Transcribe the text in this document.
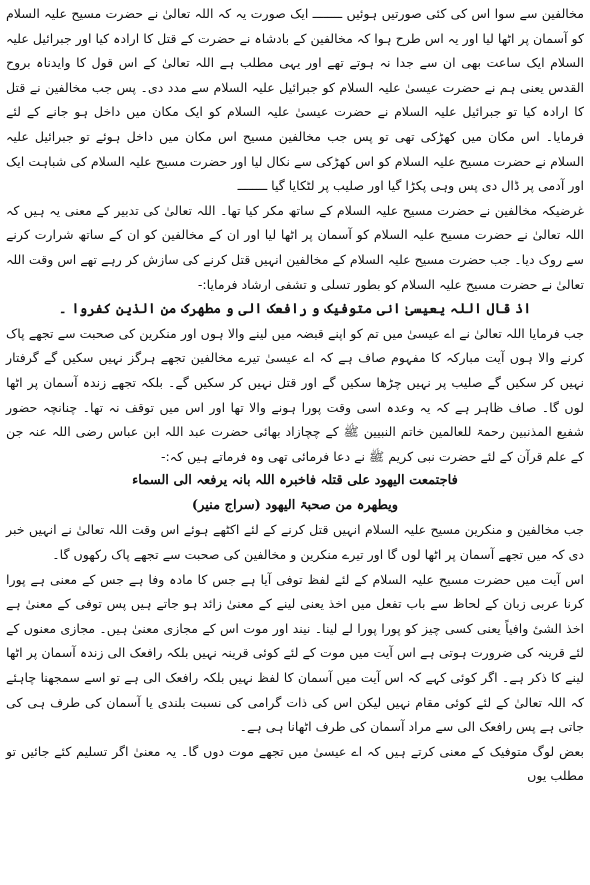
مخالفین سے سوا اس کی کئی صورتیں ہوئیں ــــــــ ایک صورت یہ کہ اللہ تعالیٰ نے حضرت مسیح علیہ السلام کو آسمان پر اٹھا لیا اور یہ اس طرح ہوا کہ مخالفین کے بادشاہ نے حضرت کے قتل کا ارادہ کیا اور جبرائیل علیہ السلام ایک ساعت بھی ان سے جدا نہ ہوتے تھے اور یہی مطلب ہے اللہ تعالیٰ کے اس قول کا وایدناہ بروح القدس یعنی ہم نے حضرت عیسیٰ علیہ السلام کو جبرائیل علیہ السلام سے مدد دی۔ پس جب مخالفین نے قتل کا ارادہ کیا تو جبرائیل علیہ السلام نے حضرت عیسیٰ علیہ السلام کو ایک مکان میں داخل ہو جانے کے لئے فرمایا۔ اس مکان میں کھڑکی تھی تو پس جب مخالفین مسیح اس مکان میں داخل ہوئے تو جبرائیل علیہ السلام نے حضرت مسیح علیہ السلام کو اس کھڑکی سے نکال لیا اور حضرت مسیح علیہ السلام کی شباہت ایک اور آدمی پر ڈال دی پس وہی پکڑا گیا اور صلیب پر لٹکایا گیا ــــــــ

غرضیکہ مخالفین نے حضرت مسیح علیہ السلام کے ساتھ مکر کیا تھا۔ اللہ تعالیٰ کی تدبیر کے معنی یہ ہیں کہ اللہ تعالیٰ نے حضرت مسیح علیہ السلام کو آسمان پر اٹھا لیا اور ان کے مخالفین کو ان کے ساتھ شرارت کرنے سے روک دیا۔ جب حضرت مسیح علیہ السلام کے مخالفین انہیں قتل کرنے کی سازش کر رہے تھے اس وقت اللہ تعالیٰ نے حضرت مسیح علیہ السلام کو بطور تسلی و تشفی ارشاد فرمایا:-

اذ قال اللہ یعیسیٰ انی متوفیک و رافعک الی و مطھرک من الذین کفروا ۔

جب فرمایا اللہ تعالیٰ نے اے عیسیٰ میں تم کو اپنے قبضہ میں لینے والا ہوں اور منکرین کی صحبت سے تجھے پاک کرنے والا ہوں آیت مبارکہ کا مفہوم صاف ہے کہ اے عیسیٰ تیرے مخالفین تجھے ہرگز نہیں سکیں گے گرفتار نہیں کر سکیں گے صلیب پر نہیں چڑھا سکیں گے اور قتل نہیں کر سکیں گے۔ بلکہ تجھے زندہ آسمان پر اٹھا لوں گا۔ صاف ظاہر ہے کہ یہ وعدہ اسی وقت پورا ہونے والا تھا اور اس میں توقف نہ تھا۔ چنانچہ حضور شفیع المذنبین رحمۃ للعالمین خاتم النبیین ﷺ کے چچازاد بھائی حضرت عبد اللہ ابن عباس رضی اللہ عنہ جن کے علم قرآن کے لئے حضرت نبی کریم ﷺ نے دعا فرمائی تھی وہ فرماتے ہیں کہ:-

فاجتمعت الیھود علی قتلہ فاخبرہ اللہ بانہ یرفعہ الی السماء

ویطھرہ من صحبۃ الیھود (سراج منیر)

جب مخالفین و منکرین مسیح علیہ السلام انہیں قتل کرنے کے لئے اکٹھے ہوئے اس وقت اللہ تعالیٰ نے انہیں خبر دی کہ میں تجھے آسمان پر اٹھا لوں گا اور تیرے منکرین و مخالفین کی صحبت سے تجھے پاک رکھوں گا۔

اس آیت میں حضرت مسیح علیہ السلام کے لئے لفظ توفی آیا ہے جس کا مادہ وفا ہے جس کے معنی ہے پورا کرنا عربی زبان کے لحاظ سے باب تفعل میں اخذ یعنی لینے کے معنیٰ زائد ہو جاتے ہیں پس توفی کے معنیٰ ہے اخذ الشیٔ وافیاً یعنی کسی چیز کو پورا پورا لے لینا۔ نیند اور موت اس کے مجازی معنیٰ ہیں۔ مجازی معنوں کے لئے قرینہ کی ضرورت ہوتی ہے اس آیت میں موت کے لئے کوئی قرینہ نہیں بلکہ رافعک الی زندہ آسمان پر اٹھا لینے کا ذکر ہے۔ اگر کوئی کہے کہ اس آیت میں آسمان کا لفظ نہیں بلکہ رافعک الی ہے تو اسے سمجھنا چاہئے کہ اللہ تعالیٰ کے لئے کوئی مقام نہیں لیکن اس کی ذات گرامی کی نسبت بلندی یا آسمان کی طرف ہی کی جاتی ہے پس رافعک الی سے مراد آسمان کی طرف اٹھانا ہی ہے۔

بعض لوگ متوفیک کے معنی کرتے ہیں کہ اے عیسیٰ میں تجھے موت دوں گا۔ یہ معنیٰ اگر تسلیم کئے جائیں تو مطلب یوں
